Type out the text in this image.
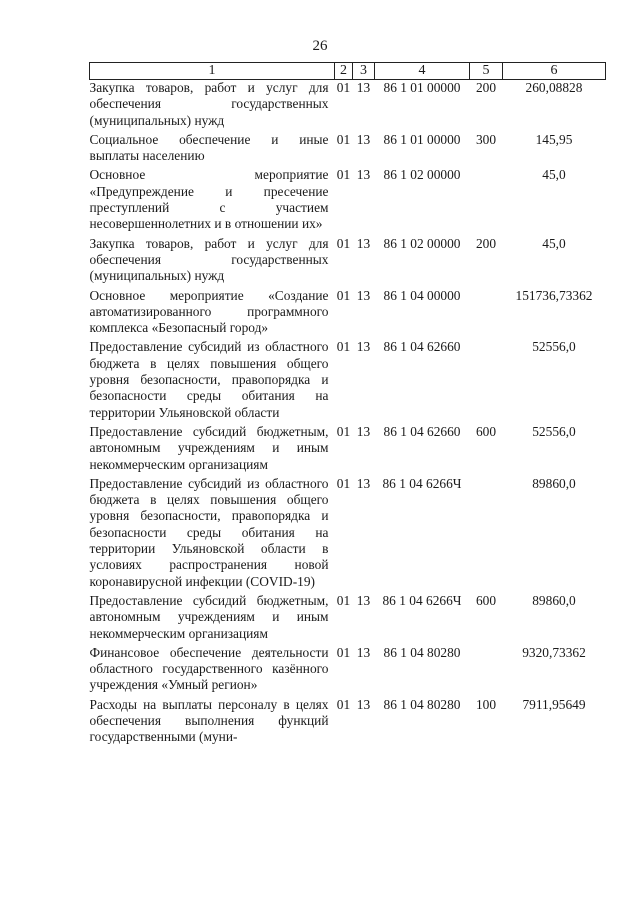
26
1	2	3	4	5	6
Закупка товаров, работ и услуг для обеспечения государственных (муниципальных) нужд	01	13	86 1 01 00000	200	260,08828
Социальное обеспечение и иные выплаты населению	01	13	86 1 01 00000	300	145,95
Основное мероприятие «Предупреждение и пресечение преступлений с участием несовершеннолетних и в отношении их»	01	13	86 1 02 00000		45,0
Закупка товаров, работ и услуг для обеспечения государственных (муниципальных) нужд	01	13	86 1 02 00000	200	45,0
Основное мероприятие «Создание автоматизированного программного комплекса «Безопасный город»	01	13	86 1 04 00000		151736,73362
Предоставление субсидий из областного бюджета в целях повышения общего уровня безопасности, правопорядка и безопасности среды обитания на территории Ульяновской области	01	13	86 1 04 62660		52556,0
Предоставление субсидий бюджетным, автономным учреждениям и иным некоммерческим организациям	01	13	86 1 04 62660	600	52556,0
Предоставление субсидий из областного бюджета в целях повышения общего уровня безопасности, правопорядка и безопасности среды обитания на территории Ульяновской области в условиях распространения новой коронавирусной инфекции (COVID-19)	01	13	86 1 04 6266Ч		89860,0
Предоставление субсидий бюджетным, автономным учреждениям и иным некоммерческим организациям	01	13	86 1 04 6266Ч	600	89860,0
Финансовое обеспечение деятельности областного государственного казённого учреждения «Умный регион»	01	13	86 1 04 80280		9320,73362
Расходы на выплаты персоналу в целях обеспечения выполнения функций государственными (муни-	01	13	86 1 04 80280	100	7911,95649
